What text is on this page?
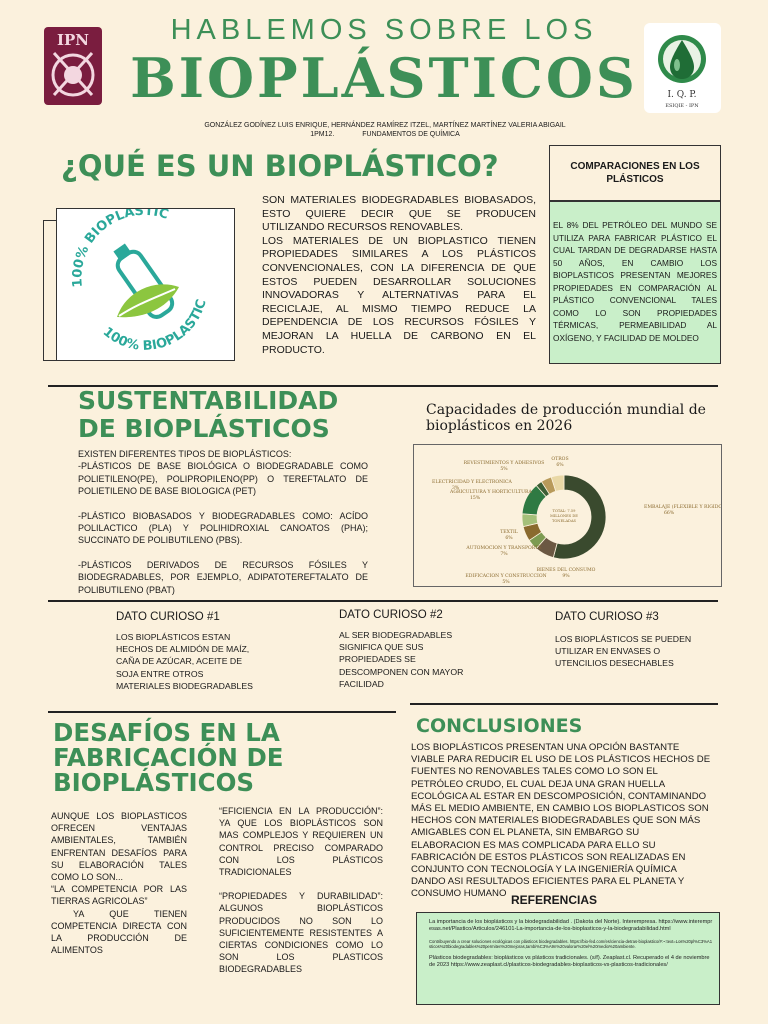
IPN	HABLEMOS SOBRE LOS
BIOPLÁSTICOS	I. Q. P.
ESIQIE - IPN
GONZÁLEZ GODÍNEZ LUIS ENRIQUE, HERNÁNDEZ RAMÍREZ ITZEL, MARTÍNEZ MARTÍNEZ VALERIA ABIGAIL
1PM12.	FUNDAMENTOS DE QUÍMICA
¿QUÉ ES UN BIOPLÁSTICO?
100% BIOPLASTIC
100% BIOPLASTIC
SON MATERIALES BIODEGRADABLES BIOBASADOS, ESTO QUIERE DECIR QUE SE PRODUCEN UTILIZANDO RECURSOS RENOVABLES.
LOS MATERIALES DE UN BIOPLASTICO TIENEN PROPIEDADES SIMILARES A LOS PLÁSTICOS CONVENCIONALES, CON LA DIFERENCIA DE QUE ESTOS PUEDEN DESARROLLAR SOLUCIONES INNOVADORAS Y ALTERNATIVAS PARA EL RECICLAJE, AL MISMO TIEMPO REDUCE LA DEPENDENCIA DE LOS RECURSOS FÓSILES Y MEJORAN LA HUELLA DE CARBONO EN EL PRODUCTO.
COMPARACIONES EN LOS PLÁSTICOS
EL 8% DEL PETRÓLEO DEL MUNDO SE UTILIZA PARA FABRICAR PLÁSTICO EL CUAL TARDAN DE DEGRADARSE HASTA 50 AÑOS, EN CAMBIO LOS BIOPLASTICOS PRESENTAN MEJORES PROPIEDADES EN COMPARACIÓN AL PLÁSTICO CONVENCIONAL TALES COMO LO SON PROPIEDADES TÉRMICAS, PERMEABILIDAD AL OXÍGENO, Y FACILIDAD DE MOLDEO
SUSTENTABILIDAD
DE BIOPLÁSTICOS
EXISTEN DIFERENTES TIPOS DE BIOPLÁSTICOS:
-PLÁSTICOS DE BASE BIOLÓGICA O BIODEGRADABLE COMO POLIETILENO(PE), POLIPROPILENO(PP) O TEREFTALATO DE POLIETILENO DE BASE BIOLOGICA (PET)
-PLÁSTICO BIOBASADOS Y BIODEGRADABLES COMO: ACÍDO POLILACTICO (PLA) Y POLIHIDROXIAL CANOATOS (PHA); SUCCINATO DE POLIBUTILENO (PBS).
-PLÁSTICOS DERIVADOS DE RECURSOS FÓSILES Y BIODEGRADABLES, POR EJEMPLO, ADIPATOTEREFTALATO DE POLIBUTILENO (PBAT)
Capacidades de producción mundial de bioplásticos en 2026
EMBALAJE (FLEXIBLE Y RIGIDO)
66%
BIENES DEL CONSUMO
9%
EDIFICACION Y CONSTRUCCION
5%
AUTOMOCION Y TRANSPORTE
7%
TEXTIL
6%
AGRICULTURA Y HORTICULTURA
15%
ELECTRICIDAD Y ELECTRONICA
3%
REVESTIMIENTOS Y ADHESIVOS
5%
OTROS
6%
TOTAL: 7.59
MILLONES DE
TONELADAS
DATO CURIOSO #1
LOS BIOPLÁSTICOS ESTAN HECHOS DE ALMIDÓN DE MAÍZ, CAÑA DE AZÚCAR, ACEITE DE SOJA ENTRE OTROS MATERIALES BIODEGRADABLES
DATO CURIOSO #2
AL SER BIODEGRADABLES SIGNIFICA QUE SUS PROPIEDADES SE DESCOMPONEN CON MAYOR FACILIDAD
DATO CURIOSO #3
LOS BIOPLÁSTICOS SE PUEDEN UTILIZAR EN ENVASES O UTENCILIOS DESECHABLES
DESAFÍOS EN LA
FABRICACIÓN DE
BIOPLÁSTICOS
AUNQUE LOS BIOPLASTICOS OFRECEN VENTAJAS AMBIENTALES, TAMBIÉN ENFRENTAN DESAFÍOS PARA SU ELABORACIÓN TALES COMO LO SON...
“LA COMPETENCIA POR LAS TIERRAS AGRICOLAS”
YA QUE TIENEN COMPETENCIA DIRECTA CON LA PRODUCCIÓN DE ALIMENTOS
“EFICIENCIA EN LA PRODUCCIÓN”: YA QUE LOS BIOPLÁSTICOS SON MAS COMPLEJOS Y REQUIEREN UN CONTROL PRECISO COMPARADO CON LOS PLÁSTICOS TRADICIONALES
“PROPIEDADES Y DURABILIDAD”: ALGUNOS BIOPLÁSTICOS PRODUCIDOS NO SON LO SUFICIENTEMENTE RESISTENTES A CIERTAS CONDICIONES COMO LO SON LOS PLASTICOS BIODEGRADABLES
CONCLUSIONES
LOS BIOPLÁSTICOS PRESENTAN UNA OPCIÓN BASTANTE VIABLE PARA REDUCIR EL USO DE LOS PLÁSTICOS HECHOS DE FUENTES NO RENOVABLES TALES COMO LO SON EL PETRÓLEO CRUDO, EL CUAL DEJA UNA GRAN HUELLA ECOLÓGICA AL ESTAR EN DESCOMPOSICIÓN, CONTAMINANDO MÁS EL MEDIO AMBIENTE, EN CAMBIO LOS BIOPLASTICOS SON HECHOS CON MATERIALES BIODEGRADABLES QUE SON MÁS AMIGABLES CON EL PLANETA, SIN EMBARGO SU ELABORACION ES MAS COMPLICADA PARA ELLO SU FABRICACIÓN DE ESTOS PLÁSTICOS SON REALIZADAS EN CONJUNTO CON TECNOLOGÍA Y LA INGENIERÍA QUÍMICA DANDO ASI RESULTADOS EFICIENTES PARA EL PLANETA Y CONSUMO HUMANO REFERENCIAS
La importancia de los bioplásticos y la biodegradabilidad . (Dakota del Norte). Interempresa. https://www.interempresas.net/Plastico/Articulos/246101-La-importancia-de-los-bioplasticos-y-la-biodegradabilidad.html
Contribuyendo a crear soluciones ecológicas con plásticos biodegradables. https://bio-fed.com/es/ciencia-detras-bioplastico/#:~:text=Los%20pl%C3%A1sticos%20biodegradables%20permiten%20mejoras,tambi%C3%A9n%20valorar%20el%20medio%20ambiente.
Plásticos biodegradables: bioplásticos vs plásticos tradicionales. (s/f). Zeaplast.cl. Recuperado el 4 de noviembre de 2023 https://www.zeaplast.cl/plasticos-biodegradables-bioplasticos-vs-plasticos-tradicionales/
